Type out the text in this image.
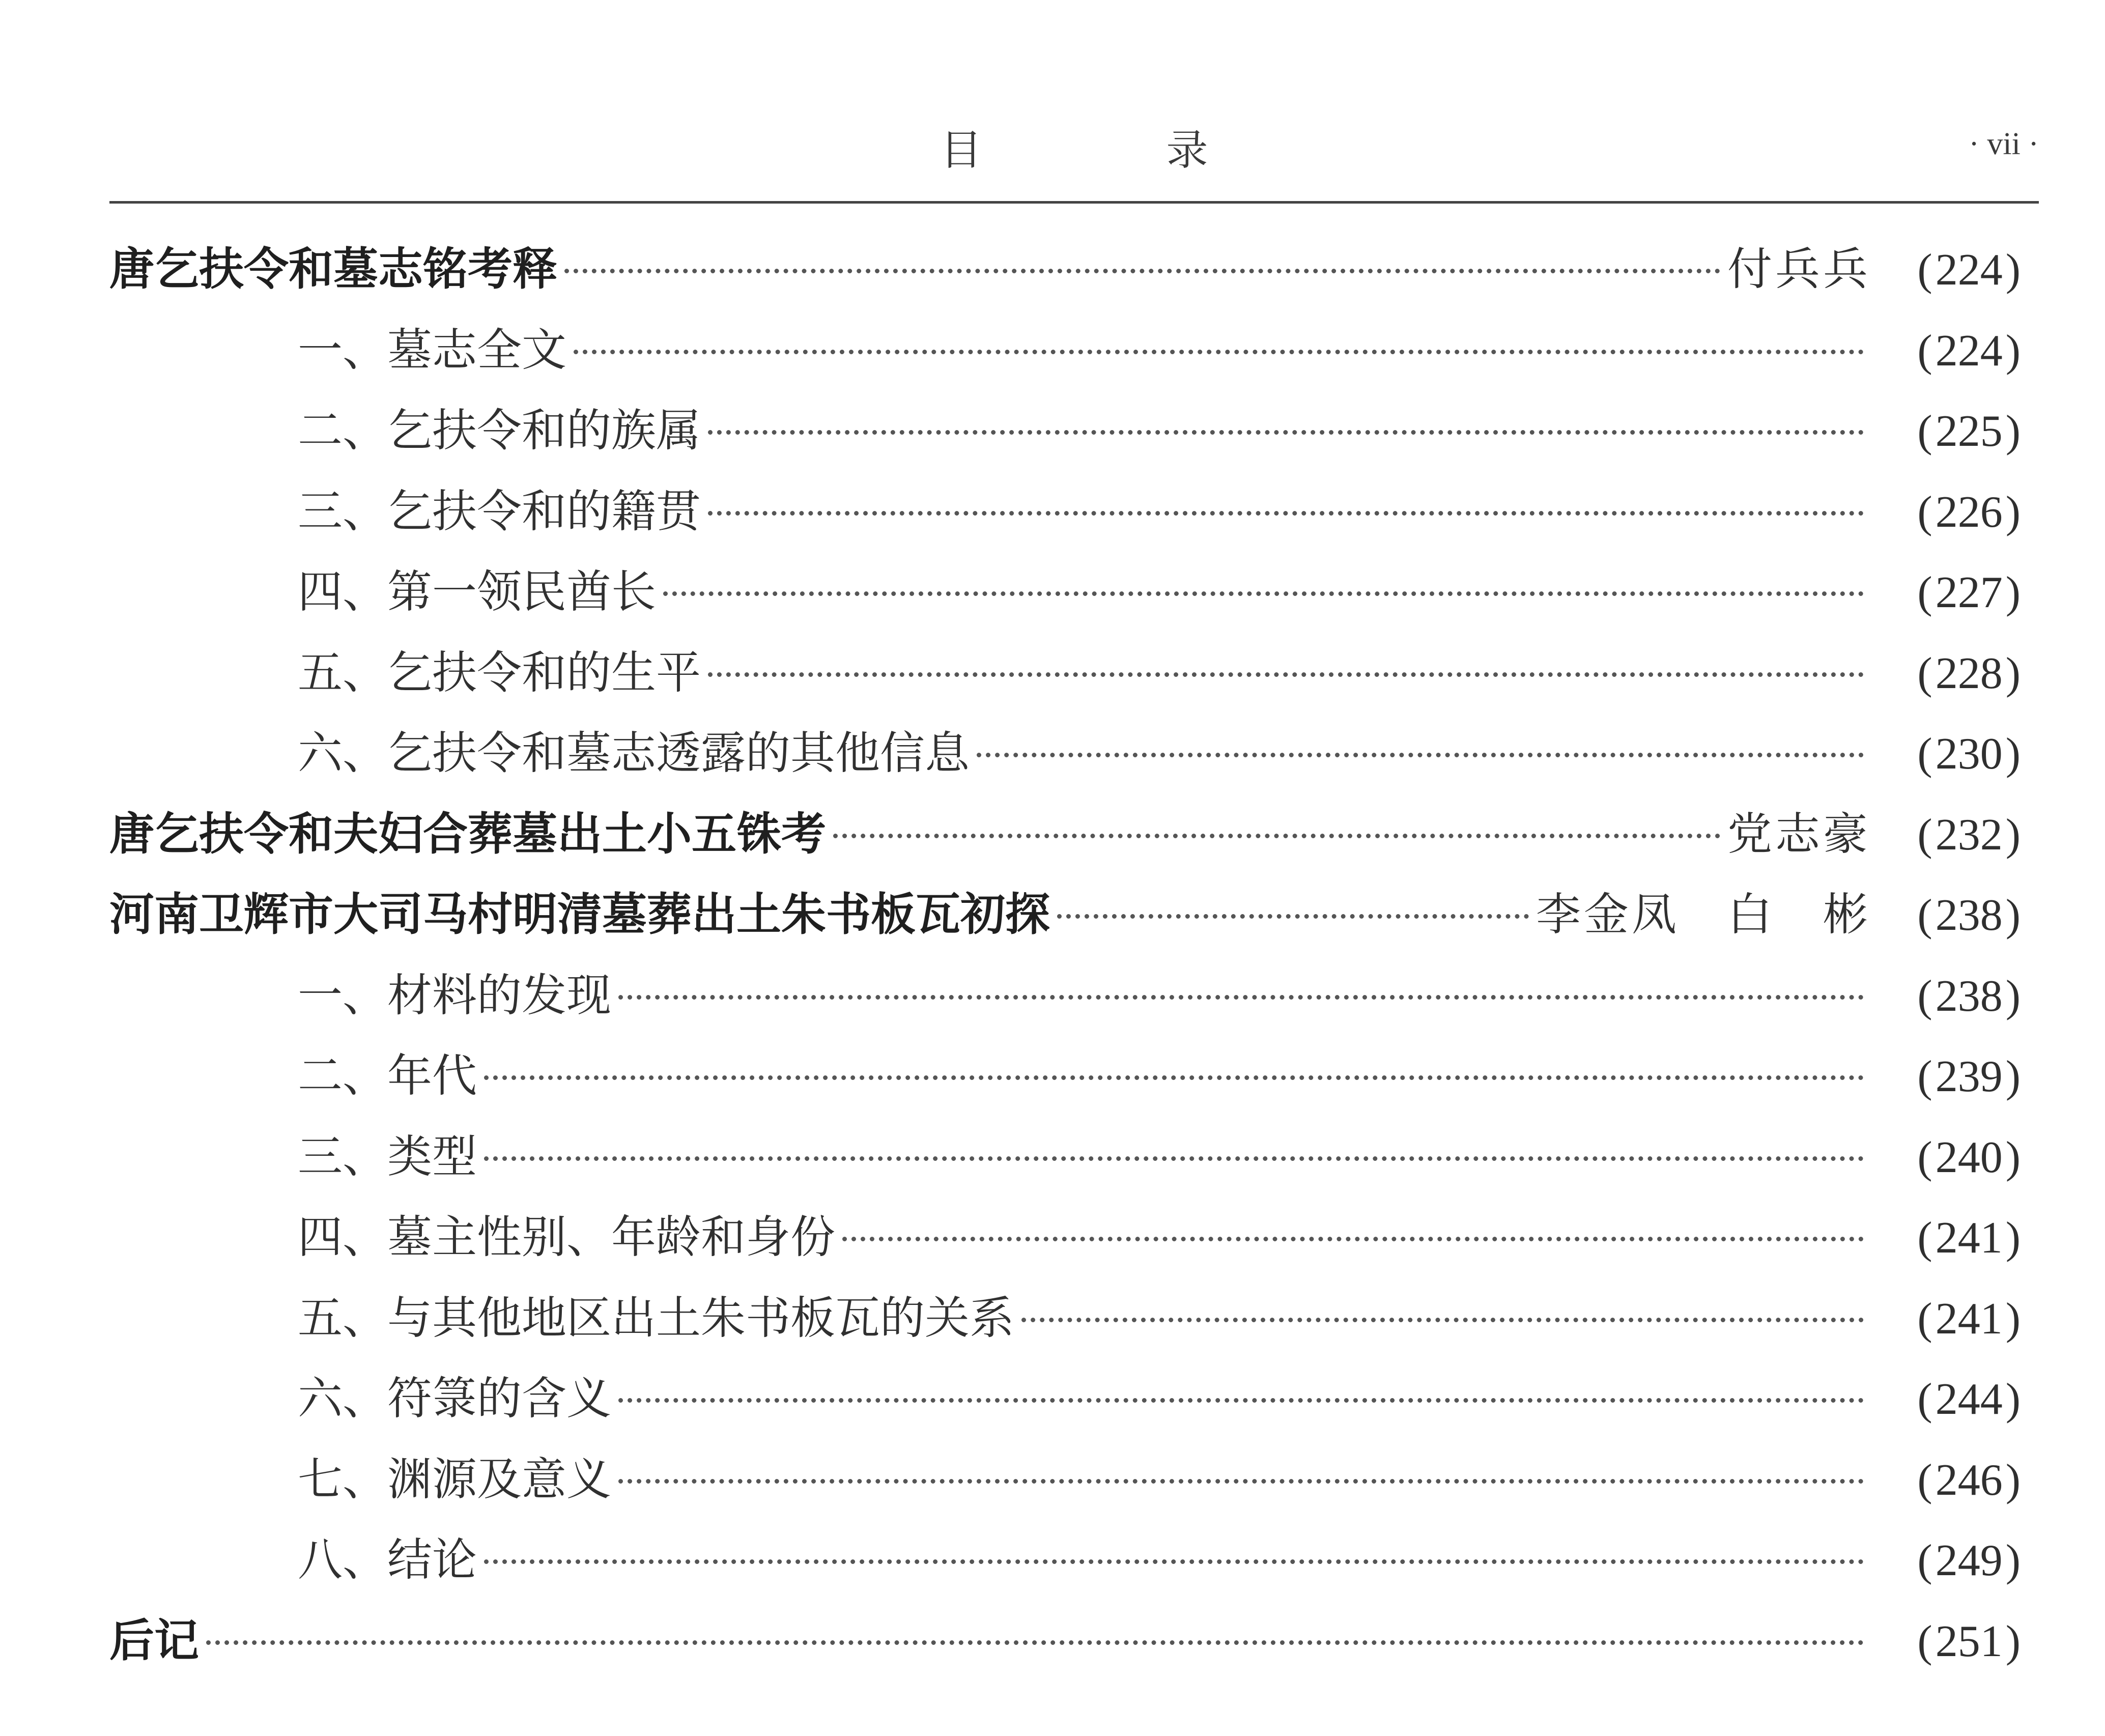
目　录	· vii ·
唐乞扶令和墓志铭考释	付兵兵	(224)
一、墓志全文	(224)
二、乞扶令和的族属	(225)
三、乞扶令和的籍贯	(226)
四、第一领民酋长	(227)
五、乞扶令和的生平	(228)
六、乞扶令和墓志透露的其他信息	(230)
唐乞扶令和夫妇合葬墓出土小五铢考	党志豪	(232)
河南卫辉市大司马村明清墓葬出土朱书板瓦初探	李金凤　白　彬	(238)
一、材料的发现	(238)
二、年代	(239)
三、类型	(240)
四、墓主性别、年龄和身份	(241)
五、与其他地区出土朱书板瓦的关系	(241)
六、符箓的含义	(244)
七、渊源及意义	(246)
八、结论	(249)
后记	(251)
